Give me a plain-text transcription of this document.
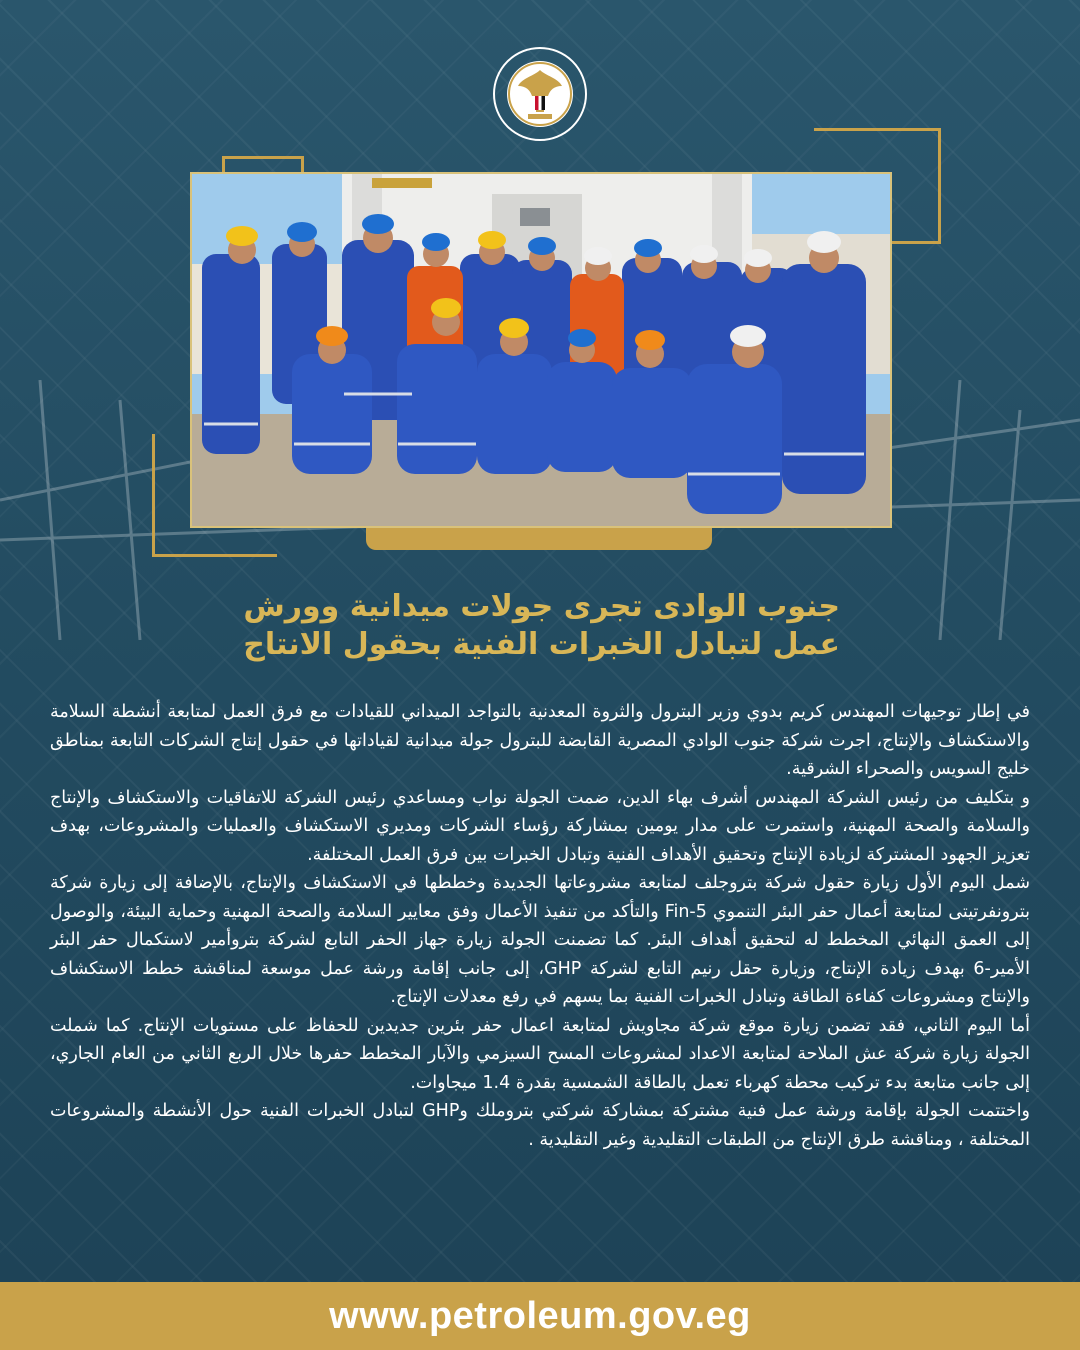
جنوب الوادى تجرى جولات ميدانية وورش
عمل لتبادل الخبرات الفنية بحقول الانتاج

في إطار توجيهات المهندس كريم بدوي وزير البترول والثروة المعدنية بالتواجد الميداني للقيادات مع فرق العمل لمتابعة أنشطة السلامة والاستكشاف والإنتاج، اجرت شركة جنوب الوادي المصرية القابضة للبترول جولة ميدانية لقياداتها في حقول إنتاج الشركات التابعة بمناطق خليج السويس والصحراء الشرقية.

و بتكليف من رئيس الشركة المهندس أشرف بهاء الدين، ضمت الجولة نواب ومساعدي رئيس الشركة للاتفاقيات والاستكشاف والإنتاج والسلامة والصحة المهنية، واستمرت على مدار يومين بمشاركة رؤساء الشركات ومديري الاستكشاف والعمليات والمشروعات، بهدف تعزيز الجهود المشتركة لزيادة الإنتاج وتحقيق الأهداف الفنية وتبادل الخبرات بين فرق العمل المختلفة.

شمل اليوم الأول زيارة حقول شركة بتروجلف لمتابعة مشروعاتها الجديدة وخططها في الاستكشاف والإنتاج، بالإضافة إلى زيارة شركة بترونفرتيتى لمتابعة أعمال حفر البئر التنموي Fin-5 والتأكد من تنفيذ الأعمال وفق معايير السلامة والصحة المهنية وحماية البيئة، والوصول إلى العمق النهائي المخطط له لتحقيق أهداف البئر. كما تضمنت الجولة زيارة جهاز الحفر التابع لشركة بتروأمير لاستكمال حفر البئر الأمير-6 بهدف زيادة الإنتاج، وزيارة حقل رنيم التابع لشركة GHP، إلى جانب إقامة ورشة عمل موسعة لمناقشة خطط الاستكشاف والإنتاج ومشروعات كفاءة الطاقة وتبادل الخبرات الفنية بما يسهم في رفع معدلات الإنتاج.

أما اليوم الثاني، فقد تضمن زيارة موقع شركة مجاويش لمتابعة اعمال حفر بئرين جديدين للحفاظ على مستويات الإنتاج. كما شملت الجولة زيارة شركة عش الملاحة لمتابعة الاعداد لمشروعات المسح السيزمي والآبار المخطط حفرها خلال الربع الثاني من العام الجاري، إلى جانب متابعة بدء تركيب محطة كهرباء تعمل بالطاقة الشمسية بقدرة 1.4 ميجاوات.

واختتمت الجولة بإقامة ورشة عمل فنية مشتركة بمشاركة شركتي بتروملك وGHP لتبادل الخبرات الفنية حول الأنشطة والمشروعات المختلفة ، ومناقشة طرق الإنتاج من الطبقات التقليدية وغير التقليدية .

www.petroleum.gov.eg
